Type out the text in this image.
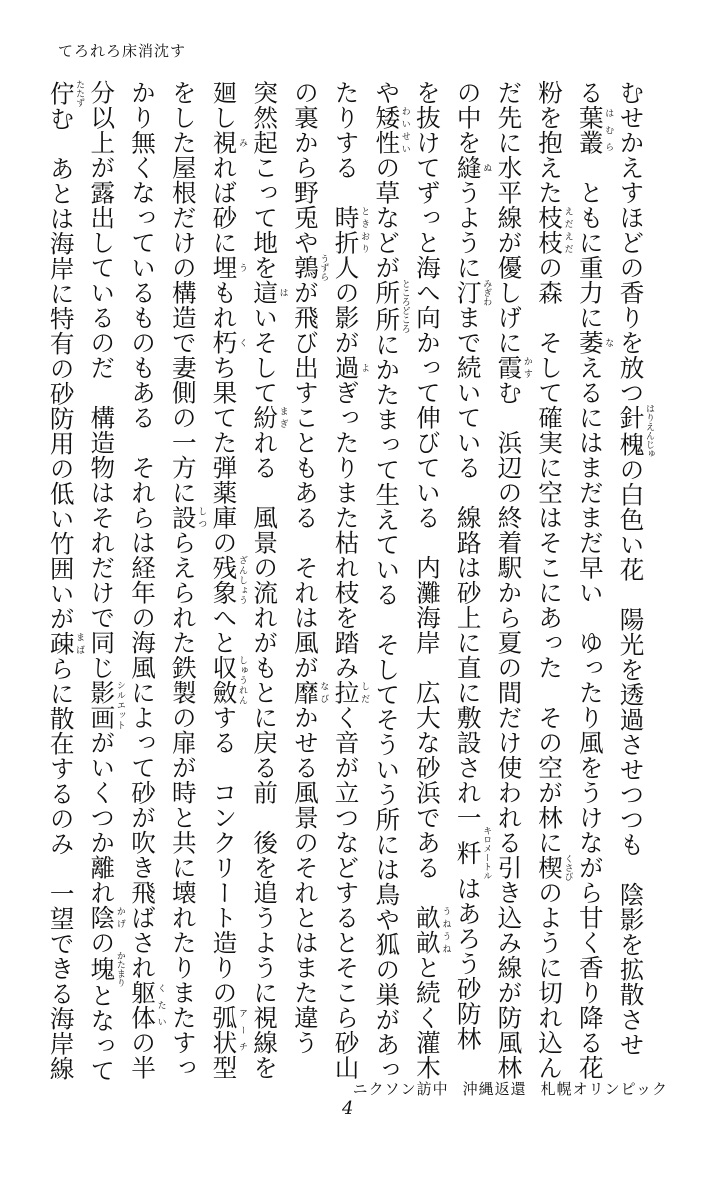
てろれろ床消沈す
むせかえすほどの香りを放つ針槐はりえんじゅの白色い花　陽光を透過させつつも　陰影を拡散させ
る葉叢はむら　ともに重力に萎なえるにはまだまだ早い　ゆったり風をうけながら甘く香り降る花
粉を抱えた枝枝えだえだの森　そして確実に空はそこにあった　その空が林に楔くさびのように切れ込ん
だ先に水平線が優しげに霞かすむ　浜辺の終着駅から夏の間だけ使われる引き込み線が防風林
の中を縫ぬうように汀みぎわまで続いている　線路は砂上に直に敷設され一粁キロメートルはあろう砂防林
を抜けてずっと海へ向かって伸びている　内灘海岸　広大な砂浜である　畝畝うねうねと続く灌木
や矮性わいせいの草などが所所ところどころにかたまって生えている　そしてそういう所には鳥や狐の巣があっ
たりする　時折ときおり人の影が過よぎったりまた枯れ枝を踏み拉しだく音が立つなどするとそこら砂山
の裏から野兎や鶉うずらが飛び出すこともある　それは風が靡なびかせる風景のそれとはまた違う
突然起こって地を這はいそして紛まぎれる　風景の流れがもとに戻る前　後を追うように視線を
廻し視みれば砂に埋うもれ朽くち果てた弾薬庫の残象ざんしょうへと収斂しゅうれんする　コンクリート造りの弧状アーチ型
をした屋根だけの構造で妻側の一方に設しつらえられた鉄製の扉が時と共に壊れたりまたすっ
かり無くなっているものもある　それらは経年の海風によって砂が吹き飛ばされ躯体くたいの半
分以上が露出しているのだ　構造物はそれだけで同じ影画シルエットがいくつか離れ陰かげの塊かたまりとなって
佇たたずむ　あとは海岸に特有の砂防用の低い竹囲いが疎まばらに散在するのみ　一望できる海岸線
ニクソン訪中 沖縄返還 札幌オリンピック
4
